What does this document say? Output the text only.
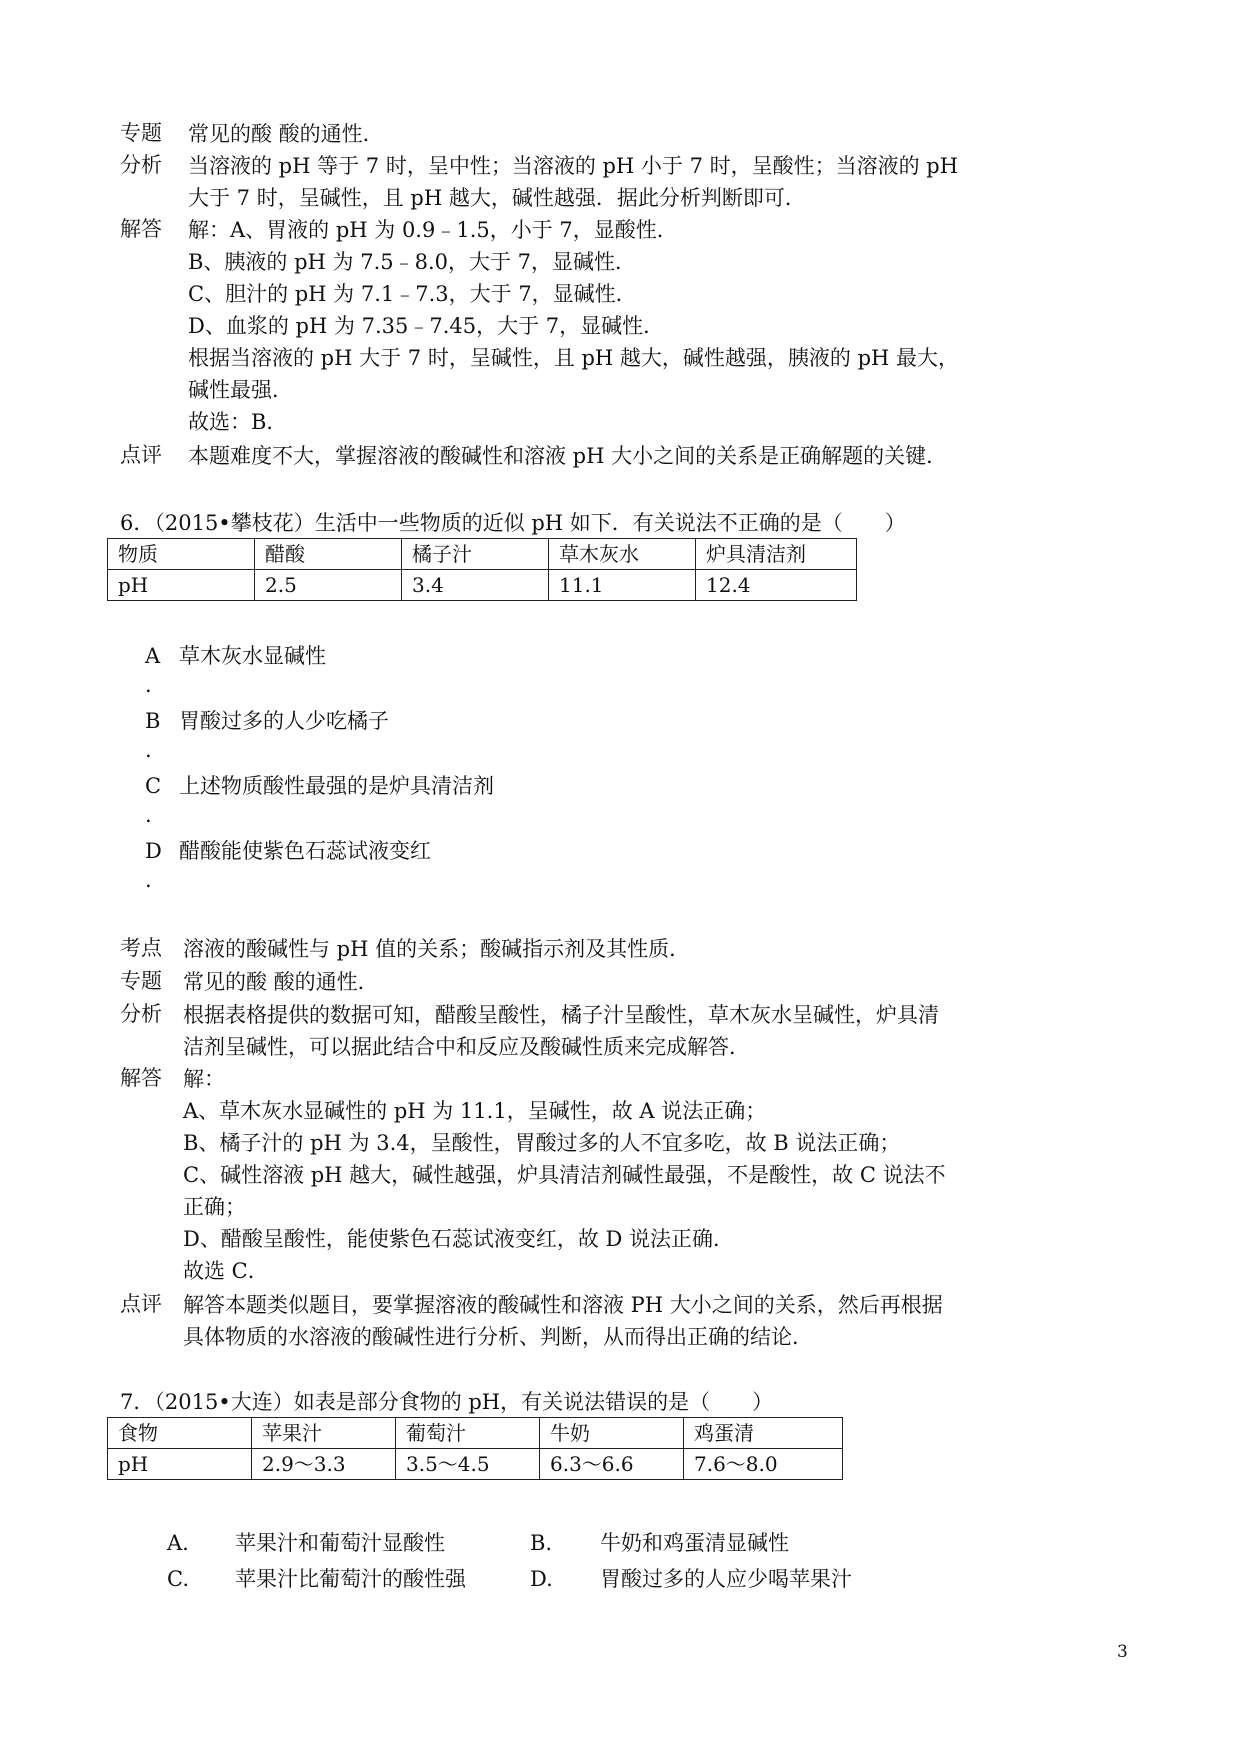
专题 常见的酸 酸的通性．
分析 当溶液的 pH 等于 7 时，呈中性；当溶液的 pH 小于 7 时，呈酸性；当溶液的 pH
大于 7 时，呈碱性，且 pH 越大，碱性越强．据此分析判断即可．
解答 解：A、胃液的 pH 为 0.9﹣1.5，小于 7，显酸性．
B、胰液的 pH 为 7.5﹣8.0，大于 7，显碱性．
C、胆汁的 pH 为 7.1﹣7.3，大于 7，显碱性．
D、血浆的 pH 为 7.35﹣7.45，大于 7，显碱性．
根据当溶液的 pH 大于 7 时，呈碱性，且 pH 越大，碱性越强，胰液的 pH 最大，
碱性最强．
故选：B．
点评 本题难度不大，掌握溶液的酸碱性和溶液 pH 大小之间的关系是正确解题的关键．
6．（2015•攀枝花）生活中一些物质的近似 pH 如下．有关说法不正确的是（　　）
物质	醋酸	橘子汁	草木灰水	炉具清洁剂
pH	2.5	3.4	11.1	12.4
A 草木灰水显碱性
.
B 胃酸过多的人少吃橘子
.
C 上述物质酸性最强的是炉具清洁剂
.
D 醋酸能使紫色石蕊试液变红
.
考点 溶液的酸碱性与 pH 值的关系；酸碱指示剂及其性质．
专题 常见的酸 酸的通性．
分析 根据表格提供的数据可知，醋酸呈酸性，橘子汁呈酸性，草木灰水呈碱性，炉具清
洁剂呈碱性，可以据此结合中和反应及酸碱性质来完成解答．
解答 解：
A、草木灰水显碱性的 pH 为 11.1，呈碱性，故 A 说法正确；
B、橘子汁的 pH 为 3.4，呈酸性，胃酸过多的人不宜多吃，故 B 说法正确；
C、碱性溶液 pH 越大，碱性越强，炉具清洁剂碱性最强，不是酸性，故 C 说法不
正确；
D、醋酸呈酸性，能使紫色石蕊试液变红，故 D 说法正确．
故选 C．
点评 解答本题类似题目，要掌握溶液的酸碱性和溶液 PH 大小之间的关系，然后再根据
具体物质的水溶液的酸碱性进行分析、判断，从而得出正确的结论．
7．（2015•大连）如表是部分食物的 pH，有关说法错误的是（　　）
食物	苹果汁	葡萄汁	牛奶	鸡蛋清
pH	2.9～3.3	3.5～4.5	6.3～6.6	7.6～8.0
A. 苹果汁和葡萄汁显酸性	B. 牛奶和鸡蛋清显碱性
C. 苹果汁比葡萄汁的酸性强	D. 胃酸过多的人应少喝苹果汁
3
